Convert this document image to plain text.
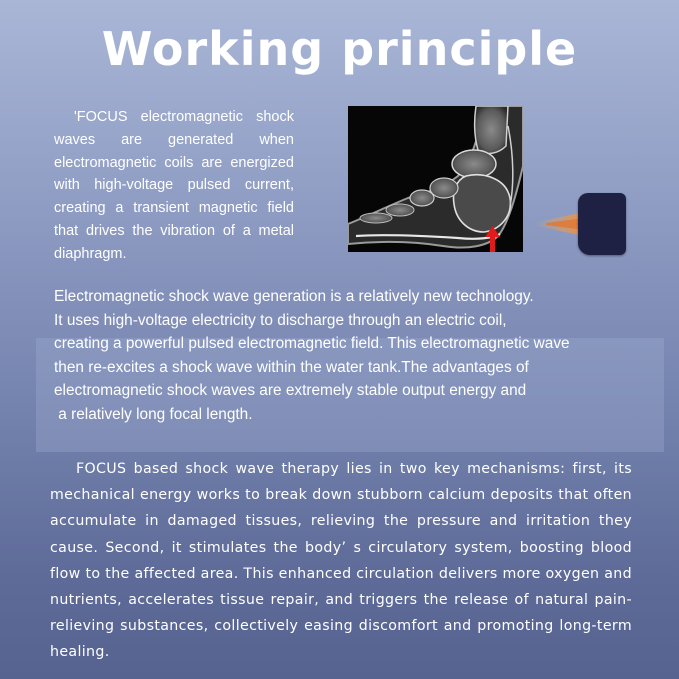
Working principle
'FOCUS electromagnetic shock waves are generated when electromagnetic coils are energized with high-voltage pulsed current, creating a transient magnetic field that drives the vibration of a metal diaphragm.
Electromagnetic shock wave generation is a relatively new technology.
It uses high-voltage electricity to discharge through an electric coil,
creating a powerful pulsed electromagnetic field. This electromagnetic wave
then re-excites a shock wave within the water tank.The advantages of
electromagnetic shock waves are extremely stable output energy and
a relatively long focal length.
FOCUS based shock wave therapy lies in two key mechanisms: first, its mechanical energy works to break down stubborn calcium deposits that often accumulate in damaged tissues, relieving the pressure and irritation they cause. Second, it stimulates the body’ s circulatory system, boosting blood flow to the affected area. This enhanced circulation delivers more oxygen and nutrients, accelerates tissue repair, and triggers the release of natural pain-relieving substances, collectively easing discomfort and promoting long-term healing.
